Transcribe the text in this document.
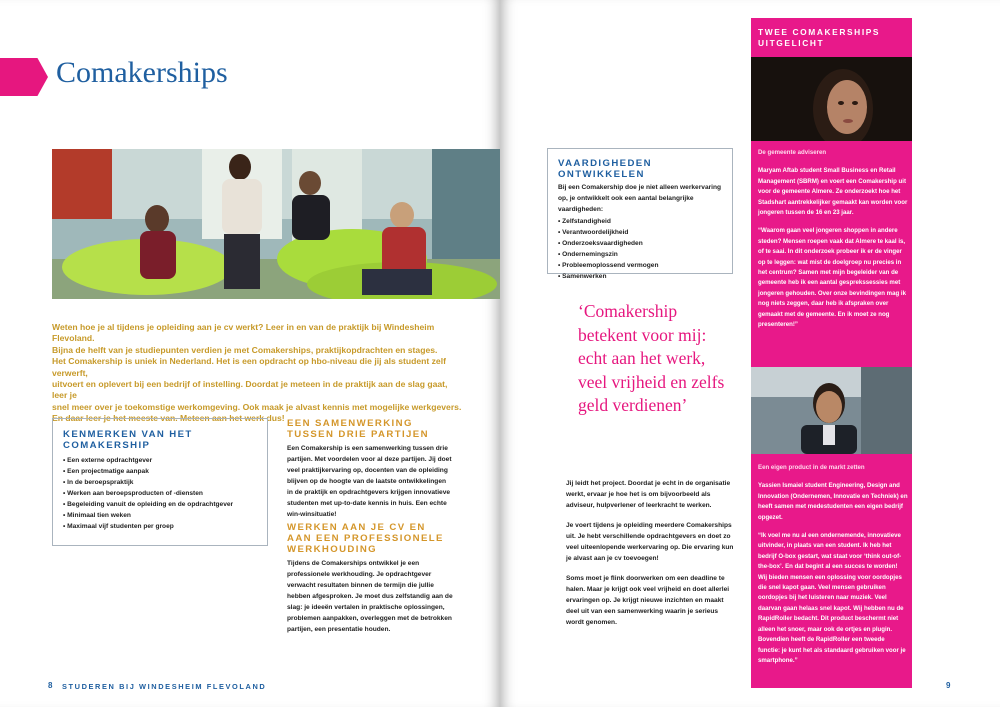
Comakerships

Weten hoe je al tijdens je opleiding aan je cv werkt? Leer in en van de praktijk bij Windesheim Flevoland.

Bijna de helft van je studiepunten verdien je met Comakerships, praktijkopdrachten en stages.

Het Comakership is uniek in Nederland. Het is een opdracht op hbo-niveau die jij als student zelf verwerft,

uitvoert en oplevert bij een bedrijf of instelling. Doordat je meteen in de praktijk aan de slag gaat, leer je

snel meer over je toekomstige werkomgeving. Ook maak je alvast kennis met mogelijke werkgevers.

En daar leer je het meeste van. Meteen aan het werk dus!

KENMERKEN VAN HET COMAKERSHIP
• Een externe opdrachtgever
• Een projectmatige aanpak
• In de beroepspraktijk
• Werken aan beroepsproducten of -diensten
• Begeleiding vanuit de opleiding en de opdrachtgever
• Minimaal tien weken
• Maximaal vijf studenten per groep
EEN SAMENWERKING TUSSEN DRIE PARTIJEN

Een Comakership is een samenwerking tussen drie partijen. Met voordelen voor al deze partijen. Jij doet veel praktijkervaring op, docenten van de opleiding blijven op de hoogte van de laatste ontwikkelingen in de praktijk en opdrachtgevers krijgen innovatieve studenten met up-to-date kennis in huis. Een echte win-winsituatie!

WERKEN AAN JE CV EN AAN EEN PROFESSIONELE WERKHOUDING

Tijdens de Comakerships ontwikkel je een professionele werkhouding. Je opdrachtgever verwacht resultaten binnen de termijn die jullie hebben afgesproken. Je moet dus zelfstandig aan de slag: je ideeën vertalen in praktische oplossingen, problemen aanpakken, overleggen met de betrokken partijen, een presentatie houden.

8 STUDEREN BIJ WINDESHEIM FLEVOLAND
VAARDIGHEDEN ONTWIKKELEN

Bij een Comakership doe je niet alleen werkervaring op, je ontwikkelt ook een aantal belangrijke vaardigheden:

• Zelfstandigheid
• Verantwoordelijkheid
• Onderzoeksvaardigheden
• Ondernemingszin
• Probleemoplossend vermogen
• Samenwerken
‘Comakership betekent voor mij: echt aan het werk, veel vrijheid en zelfs geld verdienen’

Jij leidt het project. Doordat je echt in de organisatie werkt, ervaar je hoe het is om bijvoorbeeld als adviseur, hulpverlener of leerkracht te werken.

Je voert tijdens je opleiding meerdere Comakerships uit. Je hebt verschillende opdrachtgevers en doet zo veel uiteenlopende werkervaring op. Die ervaring kun je alvast aan je cv toevoegen!

Soms moet je flink doorwerken om een deadline te halen. Maar je krijgt ook veel vrijheid en doet allerlei ervaringen op. Je krijgt nieuwe inzichten en maakt deel uit van een samenwerking waarin je serieus wordt genomen.

TWEE COMAKERSHIPS UITGELICHT

De gemeente adviseren

Maryam Aftab student Small Business en Retail Management (SBRM) en voert een Comakership uit voor de gemeente Almere. Ze onderzoekt hoe het Stadshart aantrekkelijker gemaakt kan worden voor jongeren tussen de 16 en 23 jaar.

“Waarom gaan veel jongeren shoppen in andere steden? Mensen roepen vaak dat Almere te kaal is, of te saai. In dit onderzoek probeer ik er de vinger op te leggen: wat mist de doelgroep nu precies in het centrum? Samen met mijn begeleider van de gemeente heb ik een aantal gesprekssessies met jongeren gehouden. Over onze bevindingen mag ik nog niets zeggen, daar heb ik afspraken over gemaakt met de gemeente. En ik moet ze nog presenteren!”

Een eigen product in de markt zetten

Yassien Ismaiel student Engineering, Design and Innovation (Ondernemen, Innovatie en Techniek) en heeft samen met medestudenten een eigen bedrijf opgezet.

“Ik voel me nu al een ondernemende, innovatieve uitvinder, in plaats van een student. Ik heb het bedrijf O-box gestart, wat staat voor ‘think out-of-the-box’. En dat begint al een succes te worden! Wij bieden mensen een oplossing voor oordopjes die snel kapot gaan. Veel mensen gebruiken oordopjes bij het luisteren naar muziek. Veel daarvan gaan helaas snel kapot. Wij hebben nu de RapidRoller bedacht. Dit product beschermt niet alleen het snoer, maar ook de ortjes en plugin. Bovendien heeft de RapidRoller een tweede functie: je kunt het als standaard gebruiken voor je smartphone.”

9
